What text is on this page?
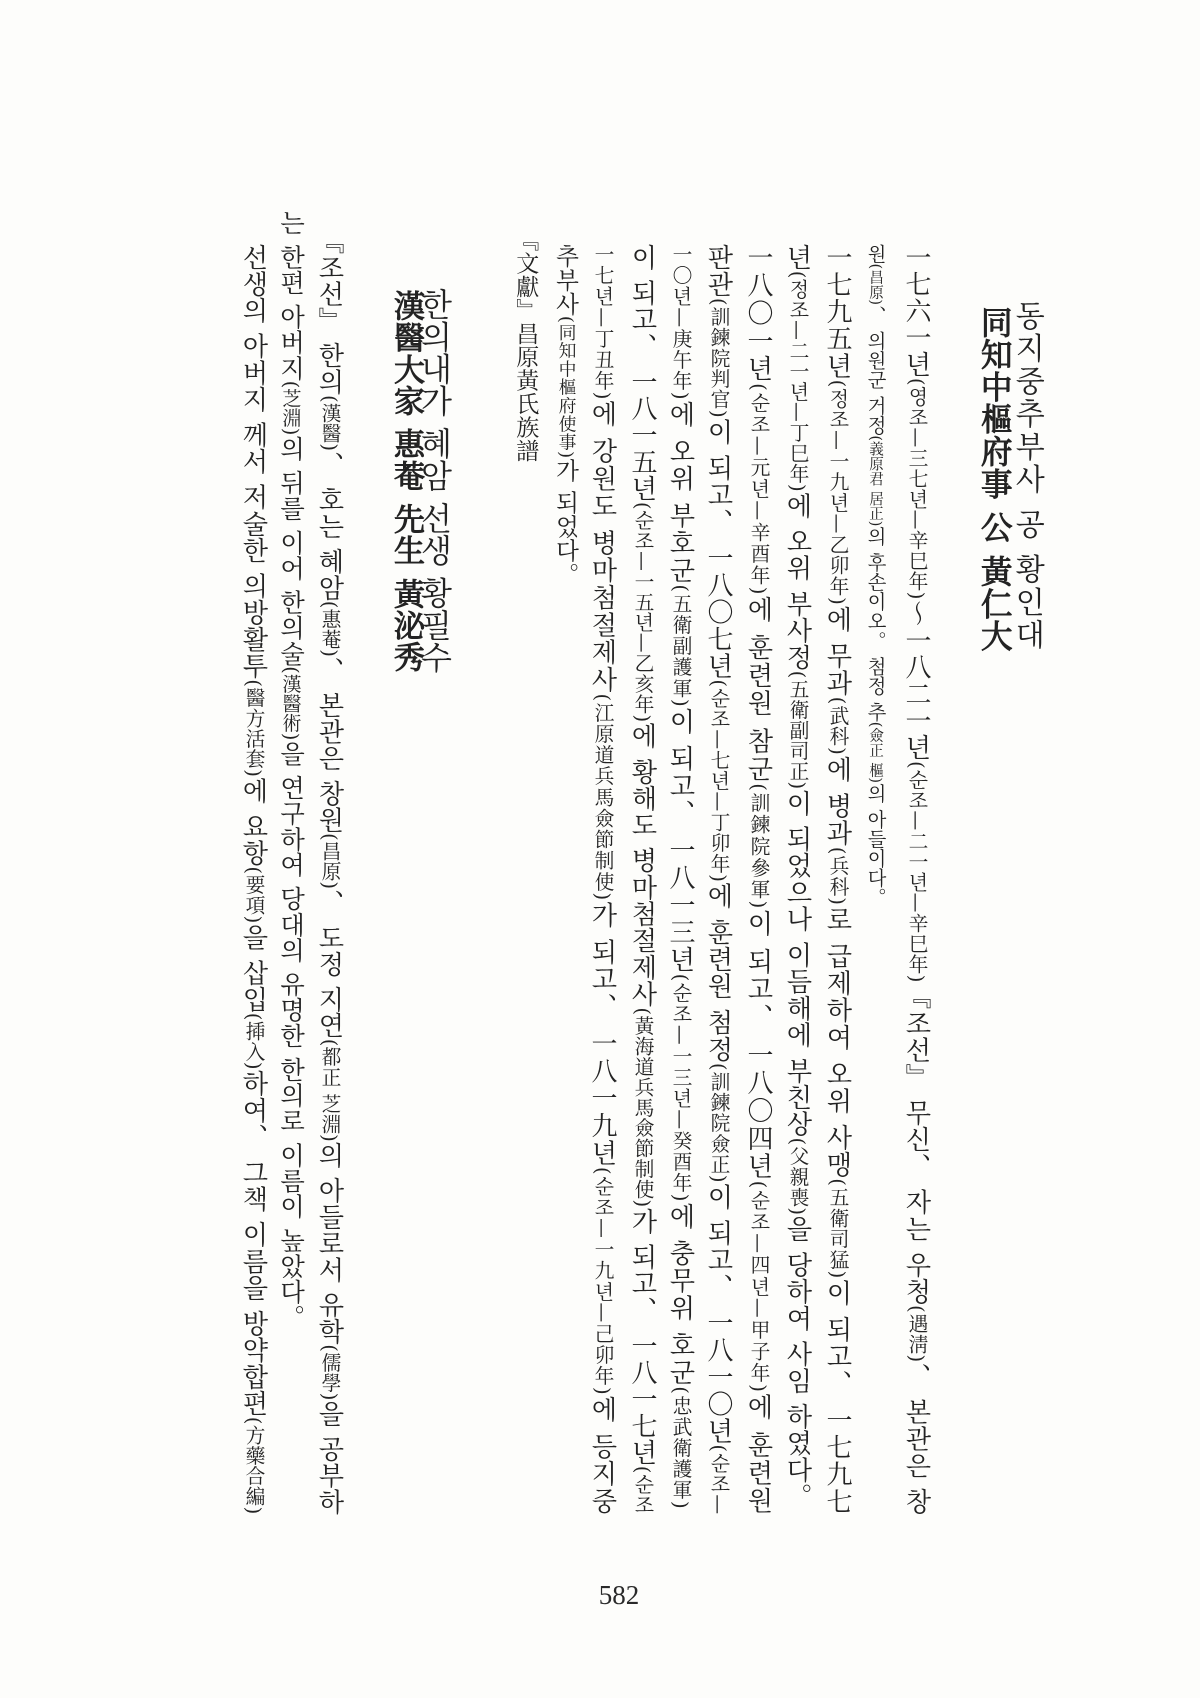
동지중추부사 공 황인대
同知中樞府事 公 黃仁大
一七六一년(영조—三七년—辛巳年)～一八二一년(순조—二一년—辛巳年)『조선』 무신、 자는 우청(遇淸)、 본관은 창
원(昌原)、 의원군 거정(義原君 居正)의 후손이오。 첨정 추(僉正 樞)의 아들이다。
一七九五년(정조—一九년—乙卯年)에 무과(武科)에 병과(兵科)로 급제하여 오위 사맹(五衛司猛)이 되고、 一七九七
년(정조—二一년—丁巳年)에 오위 부사정(五衛副司正)이 되었으나 이듬해에 부친상(父親喪)을 당하여 사임 하였다。
一八〇一년(순조—元년—辛酉年)에 훈련원 참군(訓鍊院參軍)이 되고、 一八〇四년(순조—四년—甲子年)에 훈련원
판관(訓鍊院判官)이 되고、 一八〇七년(순조—七년—丁卯年)에 훈련원 첨정(訓鍊院僉正)이 되고、 一八一〇년(순조—
一〇년—庚午年)에 오위 부호군(五衛副護軍)이 되고、 一八一三년(순조—一三년—癸酉年)에 충무위 호군(忠武衛護軍)
이 되고、 一八一五년(순조—一五년—乙亥年)에 황해도 병마첨절제사(黃海道兵馬僉節制使)가 되고、 一八一七년(순조
一七년—丁丑年)에 강원도 병마첨절제사(江原道兵馬僉節制使)가 되고、 一八一九년(순조—一九년—己卯年)에 등지중
추부사(同知中樞府使事)가 되었다。
『文獻』昌原黃氏族譜
한의내가 혜암 선생 황필수
漢醫大家 惠菴 先生 黃泌秀
『조선』 한의(漢醫)、 호는 혜암(惠菴)、 본관은 창원(昌原)、 도정 지연(都正 芝淵)의 아들로서 유학(儒學)을 공부하
는 한편 아버지(芝淵)의 뒤를 이어 한의술(漢醫術)을 연구하여 당대의 유명한 한의로 이름이 높았다。
선생의 아버지 께서 저술한 의방활투(醫方活套)에 요항(要項)을 삽입(揷入)하여、 그책 이름을 방약합편(方藥合編)
582
